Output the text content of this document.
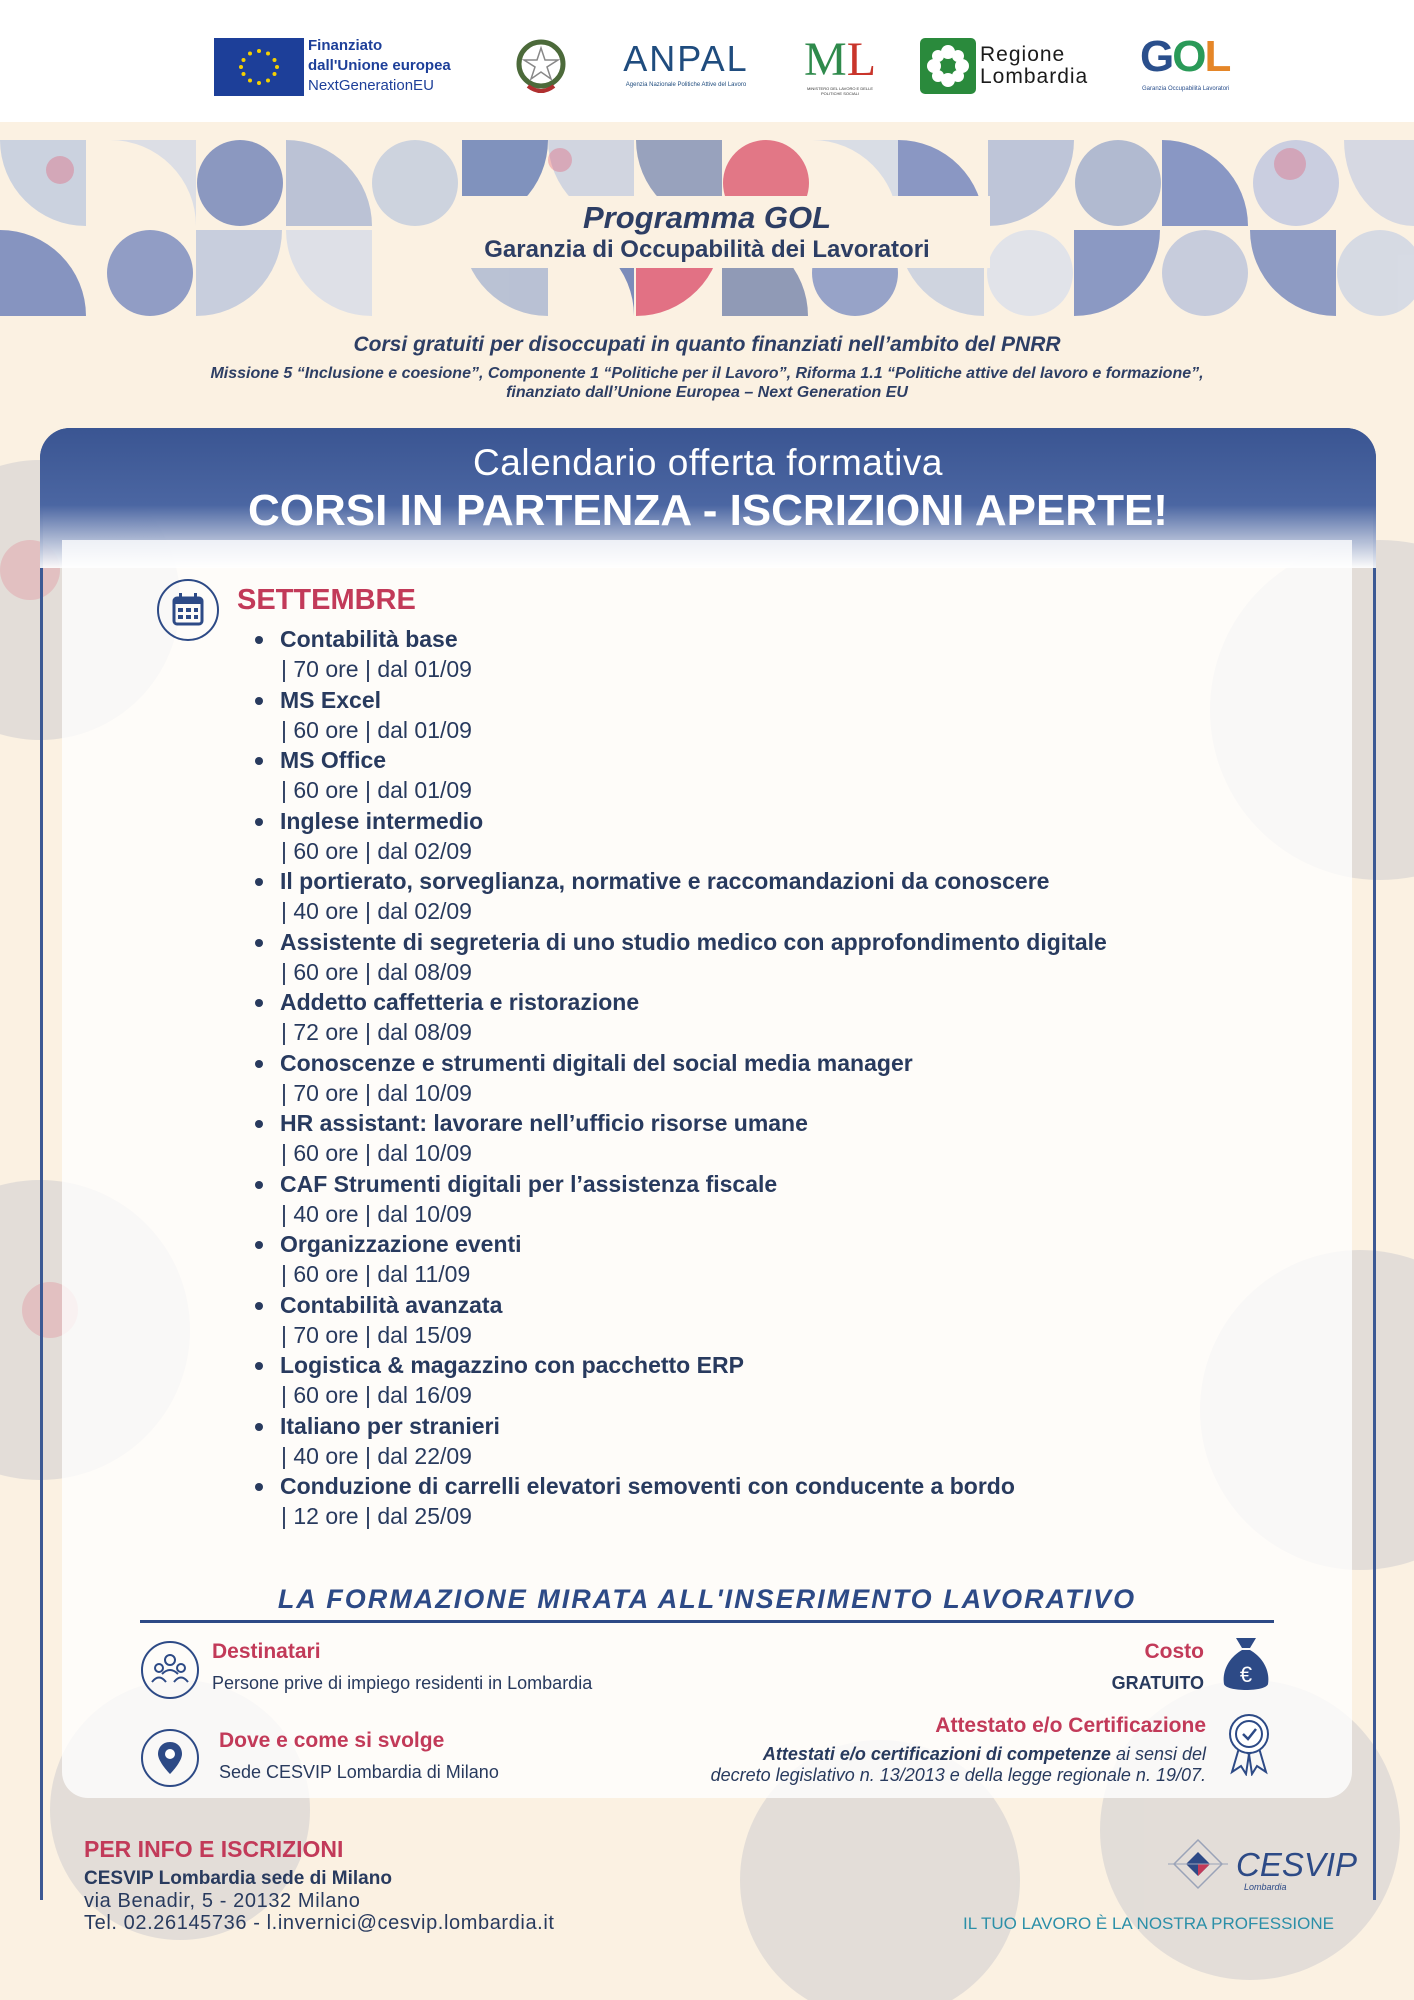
Finanziato
dall'Unione europea
NextGenerationEU
ANPAL
Agenzia Nazionale Politiche Attive del Lavoro	ML
MINISTERO DEL LAVORO E DELLE POLITICHE SOCIALI
Regione
Lombardia GOL
Garanzia Occupabilità Lavoratori
Programma GOL
Garanzia di Occupabilità dei Lavoratori
Corsi gratuiti per disoccupati in quanto finanziati nell’ambito del PNRR
Missione 5 “Inclusione e coesione”, Componente 1 “Politiche per il Lavoro”, Riforma 1.1 “Politiche attive del lavoro e formazione”,
finanziato dall’Unione Europea – Next Generation EU
Calendario offerta formativa
CORSI IN PARTENZA - ISCRIZIONI APERTE!
SETTEMBRE
Contabilità base
| 70 ore | dal 01/09
MS Excel
| 60 ore | dal 01/09
MS Office
| 60 ore | dal 01/09
Inglese intermedio
| 60 ore | dal 02/09
Il portierato, sorveglianza, normative e raccomandazioni da conoscere
| 40 ore | dal 02/09
Assistente di segreteria di uno studio medico con approfondimento digitale
| 60 ore | dal 08/09
Addetto caffetteria e ristorazione
| 72 ore | dal 08/09
Conoscenze e strumenti digitali del social media manager
| 70 ore | dal 10/09
HR assistant: lavorare nell’ufficio risorse umane
| 60 ore | dal 10/09
CAF Strumenti digitali per l’assistenza fiscale
| 40 ore | dal 10/09
Organizzazione eventi
| 60 ore | dal 11/09
Contabilità avanzata
| 70 ore | dal 15/09
Logistica & magazzino con pacchetto ERP
| 60 ore | dal 16/09
Italiano per stranieri
| 40 ore | dal 22/09
Conduzione di carrelli elevatori semoventi con conducente a bordo
| 12 ore | dal 25/09
LA FORMAZIONE MIRATA ALL'INSERIMENTO LAVORATIVO
Destinatari
Persone prive di impiego residenti in Lombardia
Dove e come si svolge
Sede CESVIP Lombardia di Milano
Costo
GRATUITO €
Attestato e/o Certificazione
Attestati e/o certificazioni di competenze ai sensi del
decreto legislativo n. 13/2013 e della legge regionale n. 19/07.
PER INFO E ISCRIZIONI
CESVIP Lombardia sede di Milano
via Benadir, 5 - 20132 Milano
Tel. 02.26145736 - l.invernici@cesvip.lombardia.it
CESVIP
Lombardia
IL TUO LAVORO È LA NOSTRA PROFESSIONE
